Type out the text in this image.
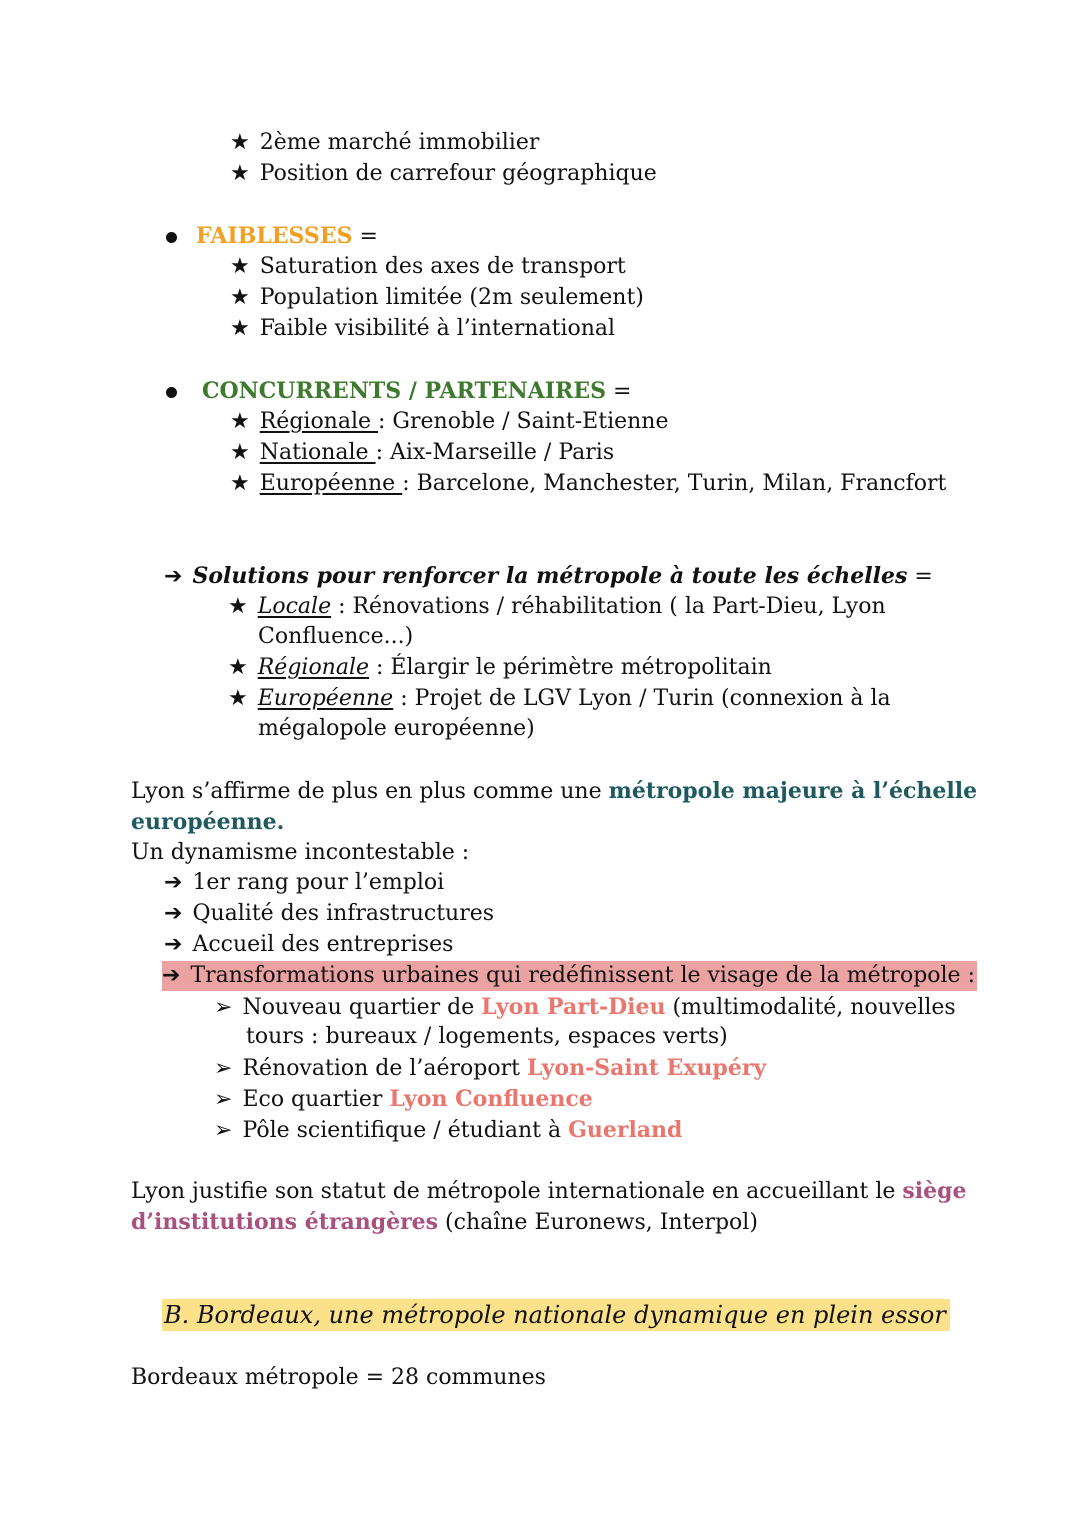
★ 2ème marché immobilier
★ Position de carrefour géographique
FAIBLESSES =
★ Saturation des axes de transport
★ Population limitée (2m seulement)
★ Faible visibilité à l’international
CONCURRENTS / PARTENAIRES =
★ Régionale : Grenoble / Saint-Etienne
★ Nationale : Aix-Marseille / Paris
★ Européenne : Barcelone, Manchester, Turin, Milan, Francfort
➔ Solutions pour renforcer la métropole à toute les échelles =
★ Locale : Rénovations / réhabilitation ( la Part-Dieu, Lyon
Confluence...)
★ Régionale : Élargir le périmètre métropolitain
★ Européenne : Projet de LGV Lyon / Turin (connexion à la
mégalopole européenne)
Lyon s’affirme de plus en plus comme une métropole majeure à l’échelle
européenne.
Un dynamisme incontestable :
➔ 1er rang pour l’emploi
➔ Qualité des infrastructures
➔ Accueil des entreprises
➔ Transformations urbaines qui redéfinissent le visage de la métropole :
➢ Nouveau quartier de Lyon Part-Dieu (multimodalité, nouvelles
tours : bureaux / logements, espaces verts)
➢ Rénovation de l’aéroport Lyon-Saint Exupéry
➢ Eco quartier Lyon Confluence
➢ Pôle scientifique / étudiant à Guerland
Lyon justifie son statut de métropole internationale en accueillant le siège
d’institutions étrangères (chaîne Euronews, Interpol)
B. Bordeaux, une métropole nationale dynamique en plein essor
Bordeaux métropole = 28 communes
